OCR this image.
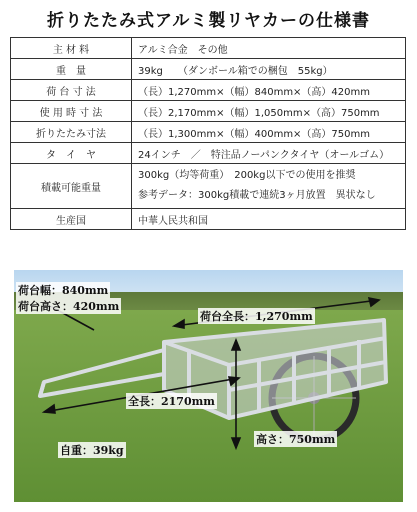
折りたたみ式アルミ製リヤカーの仕様書
主 材 料	アルミ合金　その他
重　量	39kg　　（ダンボール箱での梱包　55kg）
荷 台 寸 法	（長）1,270mm×（幅）840mm×（高）420mm
使 用 時 寸 法	（長）2,170mm×（幅）1,050mm×（高）750mm
折りたたみ寸法	（長）1,300mm×（幅）400mm×（高）750mm
タ　イ　ヤ	24インチ　／　特注品ノーパンクタイヤ（オールゴム）
積載可能重量	300kg（均等荷重）　200kg以下での使用を推奨
参考データ：300kg積載で連続3ヶ月放置　異状なし

生産国	中華人民共和国
荷台幅：840mm
荷台高さ：420mm
荷台全長：1,270mm
全長：2170mm
高さ：750mm
自重：39kg
